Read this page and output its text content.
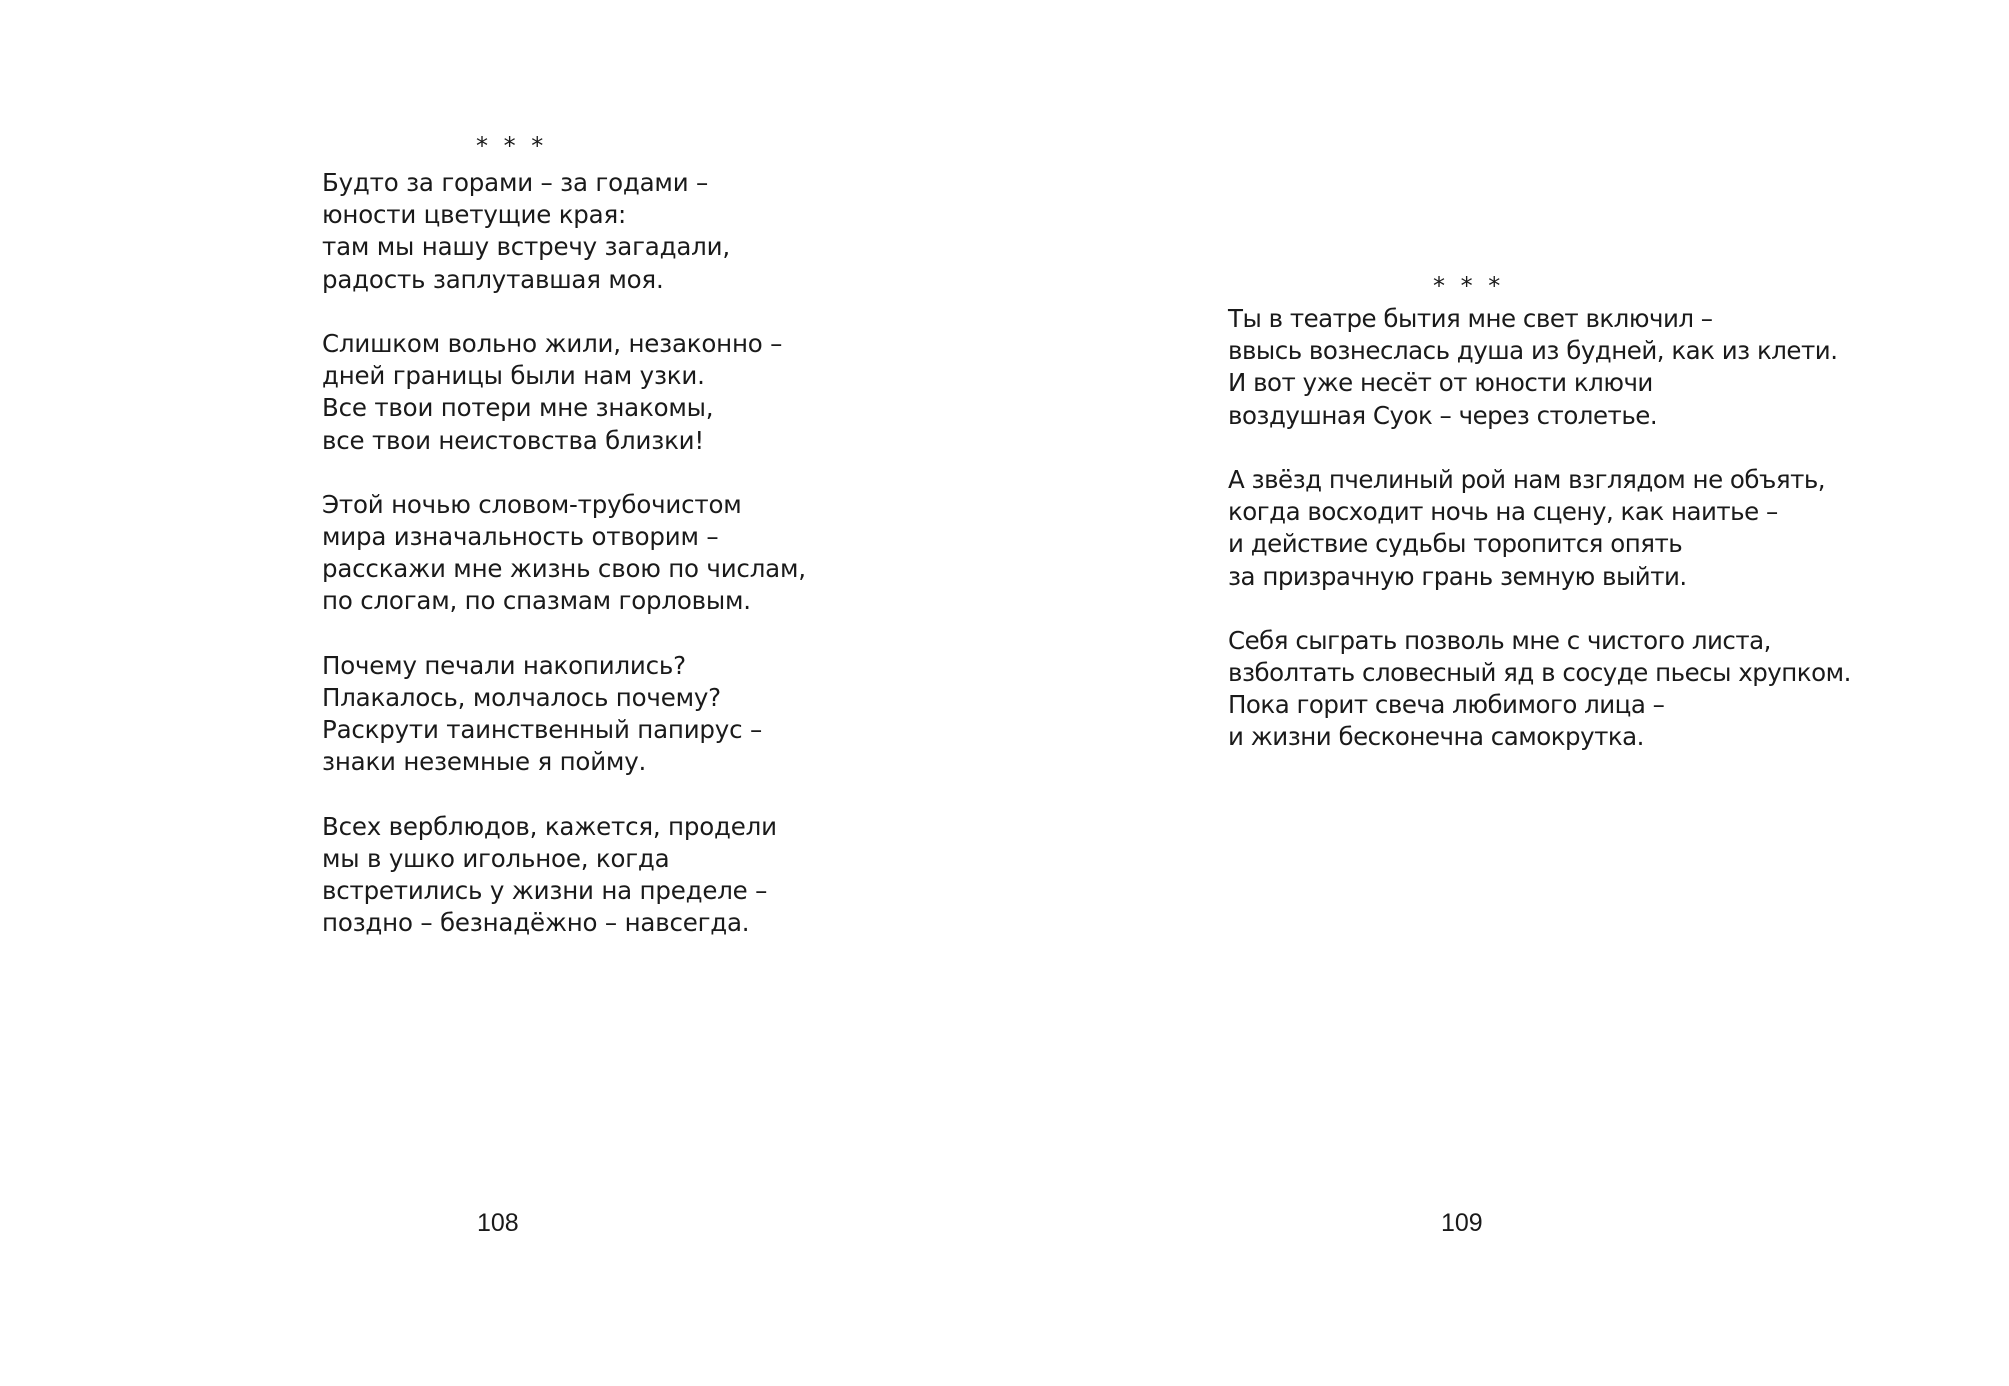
* * *
Будто за горами – за годами –
юности цветущие края:
там мы нашу встречу загадали,
радость заплутавшая моя.
Слишком вольно жили, незаконно –
дней границы были нам узки.
Все твои потери мне знакомы,
все твои неистовства близки!
Этой ночью словом-трубочистом
мира изначальность отворим –
расскажи мне жизнь свою по числам,
по слогам, по спазмам горловым.
Почему печали накопились?
Плакалось, молчалось почему?
Раскрути таинственный папирус –
знаки неземные я пойму.
Всех верблюдов, кажется, продели
мы в ушко игольное, когда
встретились у жизни на пределе –
поздно – безнадёжно – навсегда.
108
* * *
Ты в театре бытия мне свет включил –
ввысь вознеслась душа из будней, как из клети.
И вот уже несёт от юности ключи
воздушная Суок – через столетье.
А звёзд пчелиный рой нам взглядом не объять,
когда восходит ночь на сцену, как наитье –
и действие судьбы торопится опять
за призрачную грань земную выйти.
Себя сыграть позволь мне с чистого листа,
взболтать словесный яд в сосуде пьесы хрупком.
Пока горит свеча любимого лица –
и жизни бесконечна самокрутка.
109
